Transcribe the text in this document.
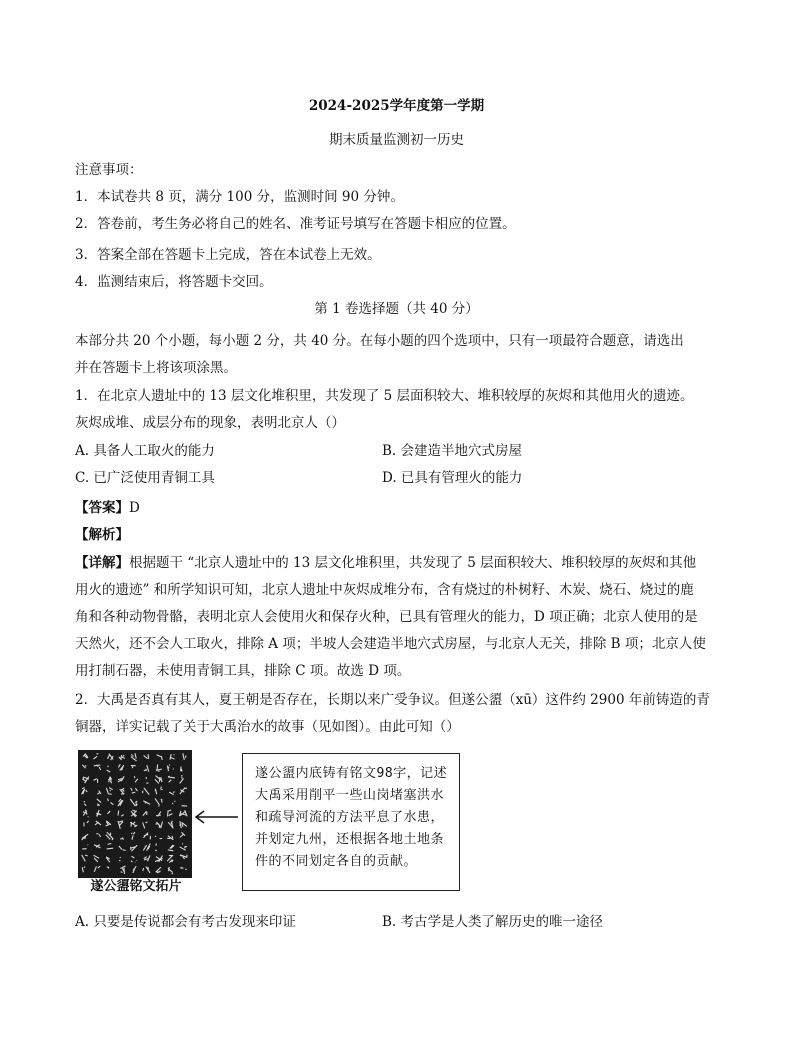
2024-2025学年度第一学期
期末质量监测初一历史
注意事项：
1．本试卷共 8 页，满分 100 分，监测时间 90 分钟。
2．答卷前，考生务必将自己的姓名、准考证号填写在答题卡相应的位置。
3．答案全部在答题卡上完成，答在本试卷上无效。
4．监测结束后，将答题卡交回。
第 1 卷选择题（共 40 分）
本部分共 20 个小题，每小题 2 分，共 40 分。在每小题的四个选项中，只有一项最符合题意，请选出
并在答题卡上将该项涂黑。
1．在北京人遗址中的 13 层文化堆积里，共发现了 5 层面积较大、堆积较厚的灰烬和其他用火的遗迹。
灰烬成堆、成层分布的现象，表明北京人（）
A. 具备人工取火的能力	B. 会建造半地穴式房屋
C. 已广泛使用青铜工具	D. 已具有管理火的能力
【答案】D
【解析】
【详解】根据题干 “北京人遗址中的 13 层文化堆积里，共发现了 5 层面积较大、堆积较厚的灰烬和其他
用火的遗迹” 和所学知识可知，北京人遗址中灰烬成堆分布，含有烧过的朴树籽、木炭、烧石、烧过的鹿
角和各种动物骨骼，表明北京人会使用火和保存火种，已具有管理火的能力，D 项正确；北京人使用的是
天然火，还不会人工取火，排除 A 项；半坡人会建造半地穴式房屋，与北京人无关，排除 B 项；北京人使
用打制石器，未使用青铜工具，排除 C 项。故选 D 项。
2．大禹是否真有其人，夏王朝是否存在，长期以来广受争议。但遂公盨（xū）这件约 2900 年前铸造的青
铜器，详实记载了关于大禹治水的故事（见如图）。由此可知（）
遂公盨铭文拓片
遂公盨内底铸有铭文98字，记述大禹采用削平一些山岗堵塞洪水和疏导河流的方法平息了水患，并划定九州，还根据各地土地条件的不同划定各自的贡献。
A. 只要是传说都会有考古发现来印证	B. 考古学是人类了解历史的唯一途径
